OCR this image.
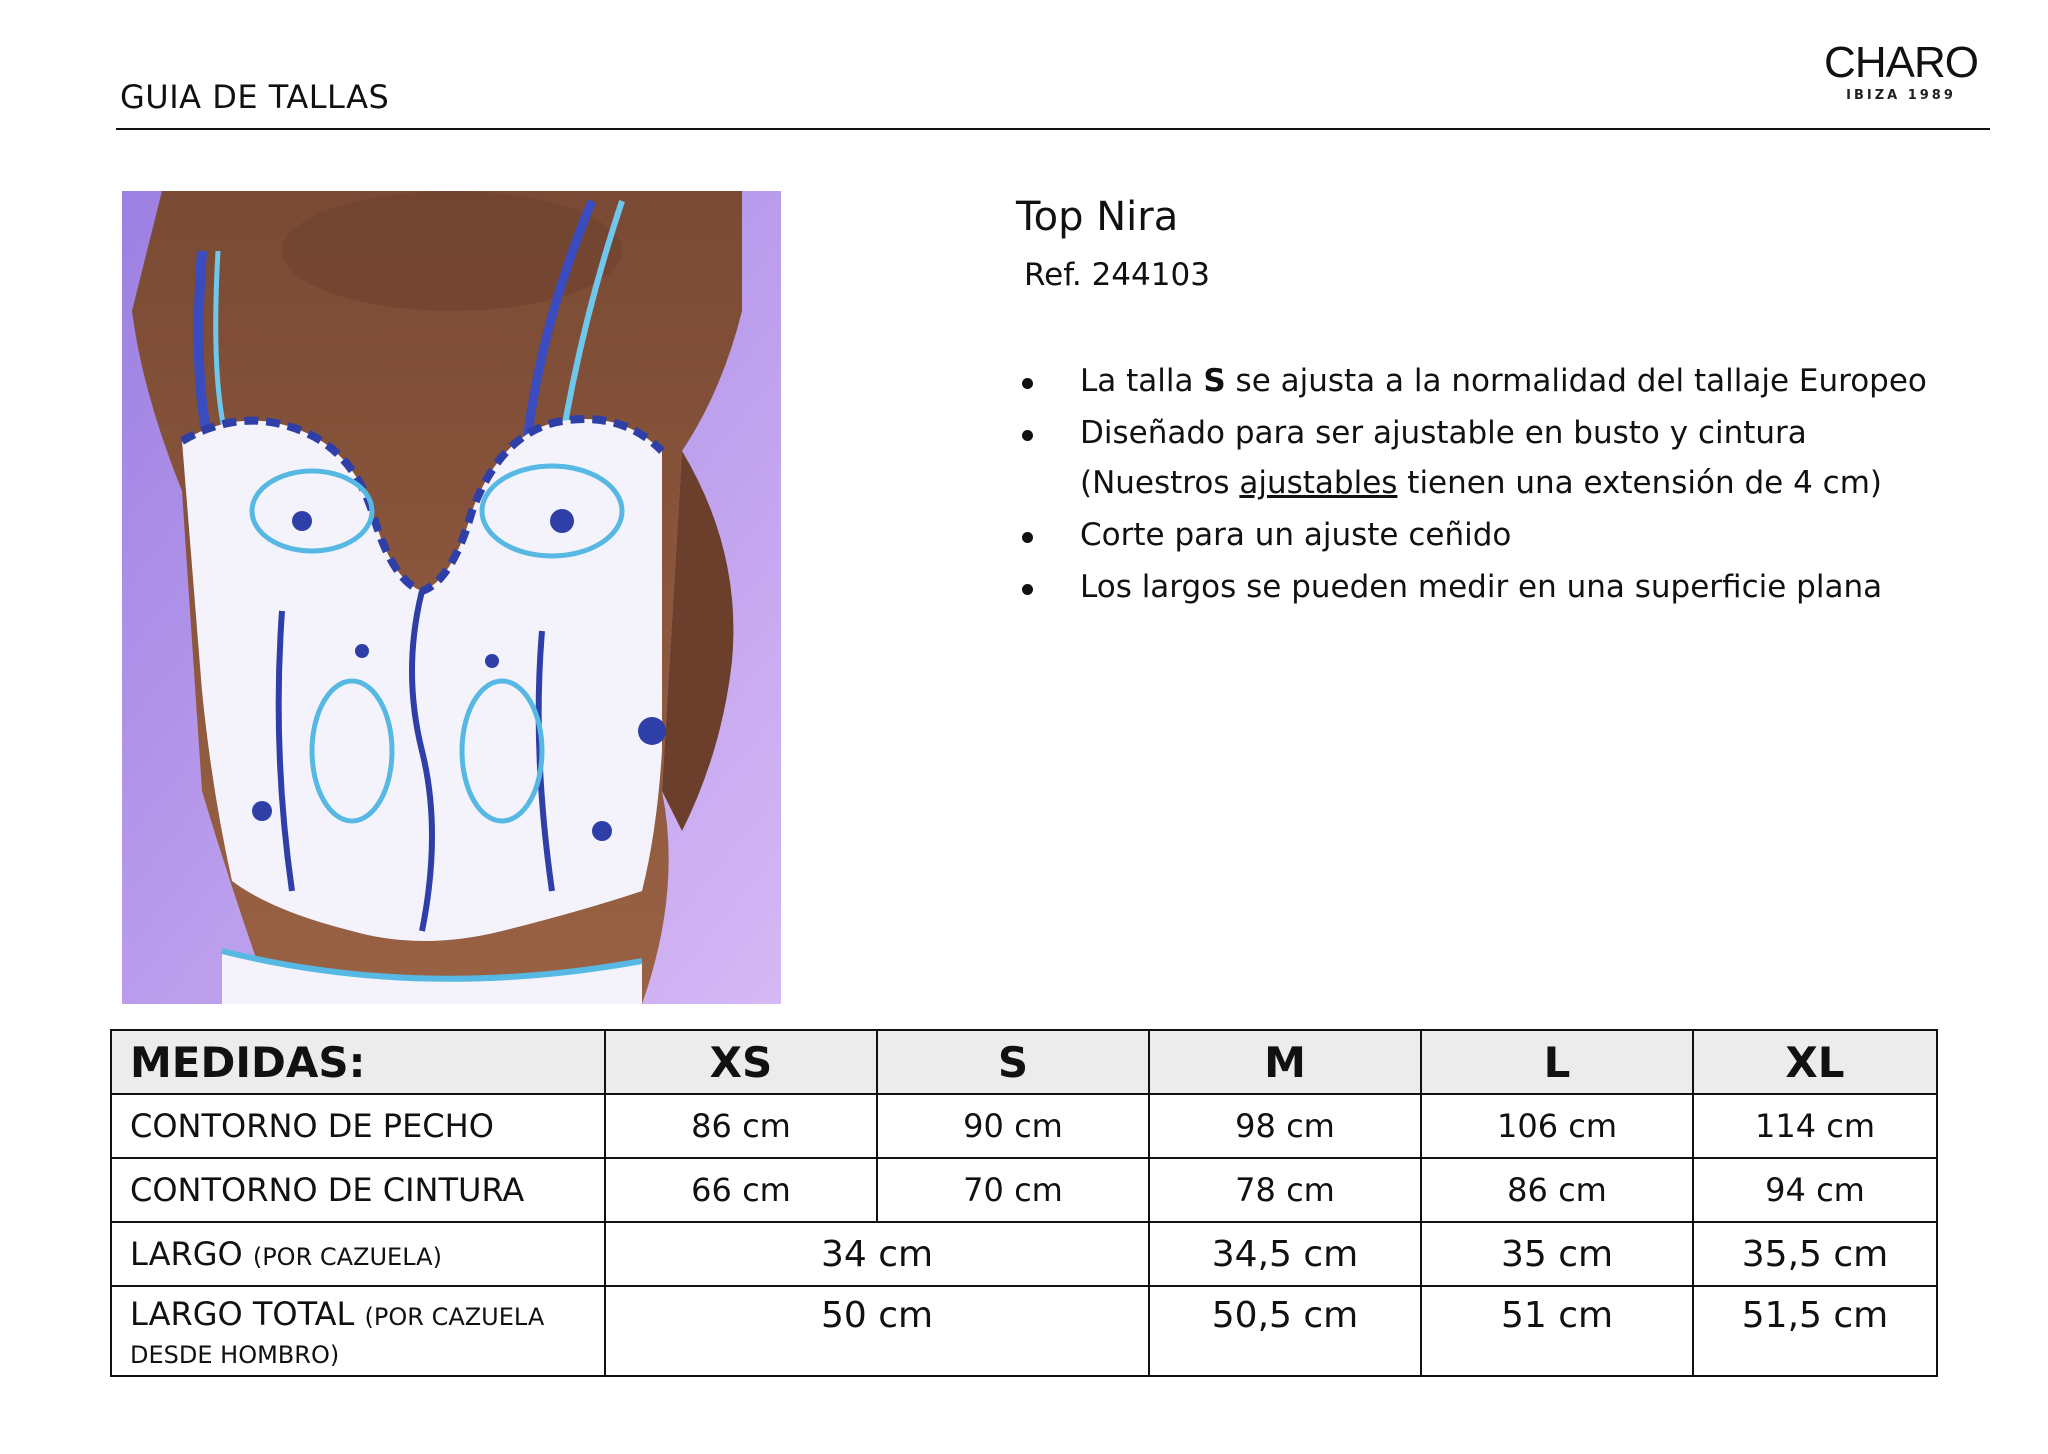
GUIA DE TALLAS
CHARO
IBIZA 1989
Top Nira
Ref. 244103
La talla S se ajusta a la normalidad del tallaje Europeo
Diseñado para ser ajustable en busto y cintura
(Nuestros ajustables tienen una extensión de 4 cm)
Corte para un ajuste ceñido
Los largos se pueden medir en una superficie plana
MEDIDAS:	XS	S	M	L	XL
CONTORNO DE PECHO	86 cm	90 cm	98 cm	106 cm	114 cm
CONTORNO DE CINTURA	66 cm	70 cm	78 cm	86 cm	94 cm
LARGO (POR CAZUELA)	34 cm		34,5 cm	35 cm	35,5 cm
LARGO TOTAL (POR CAZUELA DESDE HOMBRO)	50 cm		50,5 cm	51 cm	51,5 cm
